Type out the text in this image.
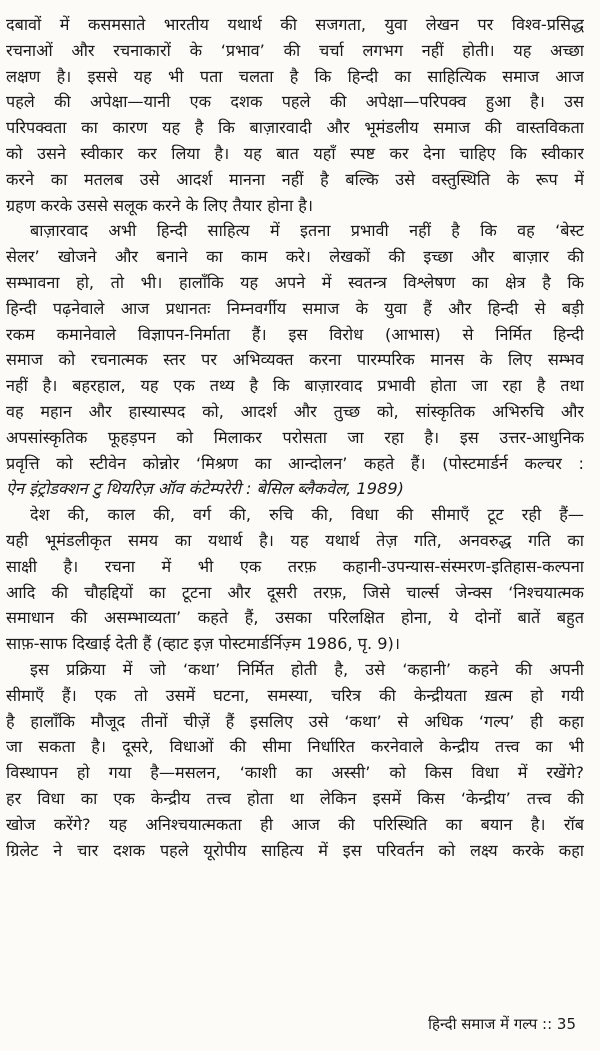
दबावों में कसमसाते भारतीय यथार्थ की सजगता, युवा लेखन पर विश्व-प्रसिद्ध
रचनाओं और रचनाकारों के ‘प्रभाव’ की चर्चा लगभग नहीं होती। यह अच्छा
लक्षण है। इससे यह भी पता चलता है कि हिन्दी का साहित्यिक समाज आज
पहले की अपेक्षा—यानी एक दशक पहले की अपेक्षा—परिपक्व हुआ है। उस
परिपक्वता का कारण यह है कि बाज़ारवादी और भूमंडलीय समाज की वास्तविकता
को उसने स्वीकार कर लिया है। यह बात यहाँ स्पष्ट कर देना चाहिए कि स्वीकार
करने का मतलब उसे आदर्श मानना नहीं है बल्कि उसे वस्तुस्थिति के रूप में
ग्रहण करके उससे सलूक करने के लिए तैयार होना है।
बाज़ारवाद अभी हिन्दी साहित्य में इतना प्रभावी नहीं है कि वह ‘बेस्ट
सेलर’ खोजने और बनाने का काम करे। लेखकों की इच्छा और बाज़ार की
सम्भावना हो, तो भी। हालाँकि यह अपने में स्वतन्त्र विश्लेषण का क्षेत्र है कि
हिन्दी पढ़नेवाले आज प्रधानतः निम्नवर्गीय समाज के युवा हैं और हिन्दी से बड़ी
रकम कमानेवाले विज्ञापन-निर्माता हैं। इस विरोध (आभास) से निर्मित हिन्दी
समाज को रचनात्मक स्तर पर अभिव्यक्त करना पारम्परिक मानस के लिए सम्भव
नहीं है। बहरहाल, यह एक तथ्य है कि बाज़ारवाद प्रभावी होता जा रहा है तथा
वह महान और हास्यास्पद को, आदर्श और तुच्छ को, सांस्कृतिक अभिरुचि और
अपसांस्कृतिक फूहड़पन को मिलाकर परोसता जा रहा है। इस उत्तर-आधुनिक
प्रवृत्ति को स्टीवेन कोन्नोर ‘मिश्रण का आन्दोलन’ कहते हैं। (पोस्टमार्डर्न कल्चर :
ऐन इंट्रोडक्शन टु थियरिज़ ऑव कंटेम्परेरी : बेसिल ब्लैकवेल, 1989)
देश की, काल की, वर्ग की, रुचि की, विधा की सीमाएँ टूट रही हैं—
यही भूमंडलीकृत समय का यथार्थ है। यह यथार्थ तेज़ गति, अनवरुद्ध गति का
साक्षी है। रचना में भी एक तरफ़ कहानी-उपन्यास-संस्मरण-इतिहास-कल्पना
आदि की चौहद्दियों का टूटना और दूसरी तरफ़, जिसे चार्ल्स जेन्क्स ‘निश्चयात्मक
समाधान की असम्भाव्यता’ कहते हैं, उसका परिलक्षित होना, ये दोनों बातें बहुत
साफ़-साफ दिखाई देती हैं (व्हाट इज़ पोस्टमार्डर्निज़्म 1986, पृ. 9)।
इस प्रक्रिया में जो ‘कथा’ निर्मित होती है, उसे ‘कहानी’ कहने की अपनी
सीमाएँ हैं। एक तो उसमें घटना, समस्या, चरित्र की केन्द्रीयता ख़त्म हो गयी
है हालाँकि मौजूद तीनों चीज़ें हैं इसलिए उसे ‘कथा’ से अधिक ‘गल्प’ ही कहा
जा सकता है। दूसरे, विधाओं की सीमा निर्धारित करनेवाले केन्द्रीय तत्त्व का भी
विस्थापन हो गया है—मसलन, ‘काशी का अस्सी’ को किस विधा में रखेंगे?
हर विधा का एक केन्द्रीय तत्त्व होता था लेकिन इसमें किस ‘केन्द्रीय’ तत्त्व की
खोज करेंगे? यह अनिश्चयात्मकता ही आज की परिस्थिति का बयान है। रॉब
ग्रिलेट ने चार दशक पहले यूरोपीय साहित्य में इस परिवर्तन को लक्ष्य करके कहा
हिन्दी समाज में गल्प :: 35
